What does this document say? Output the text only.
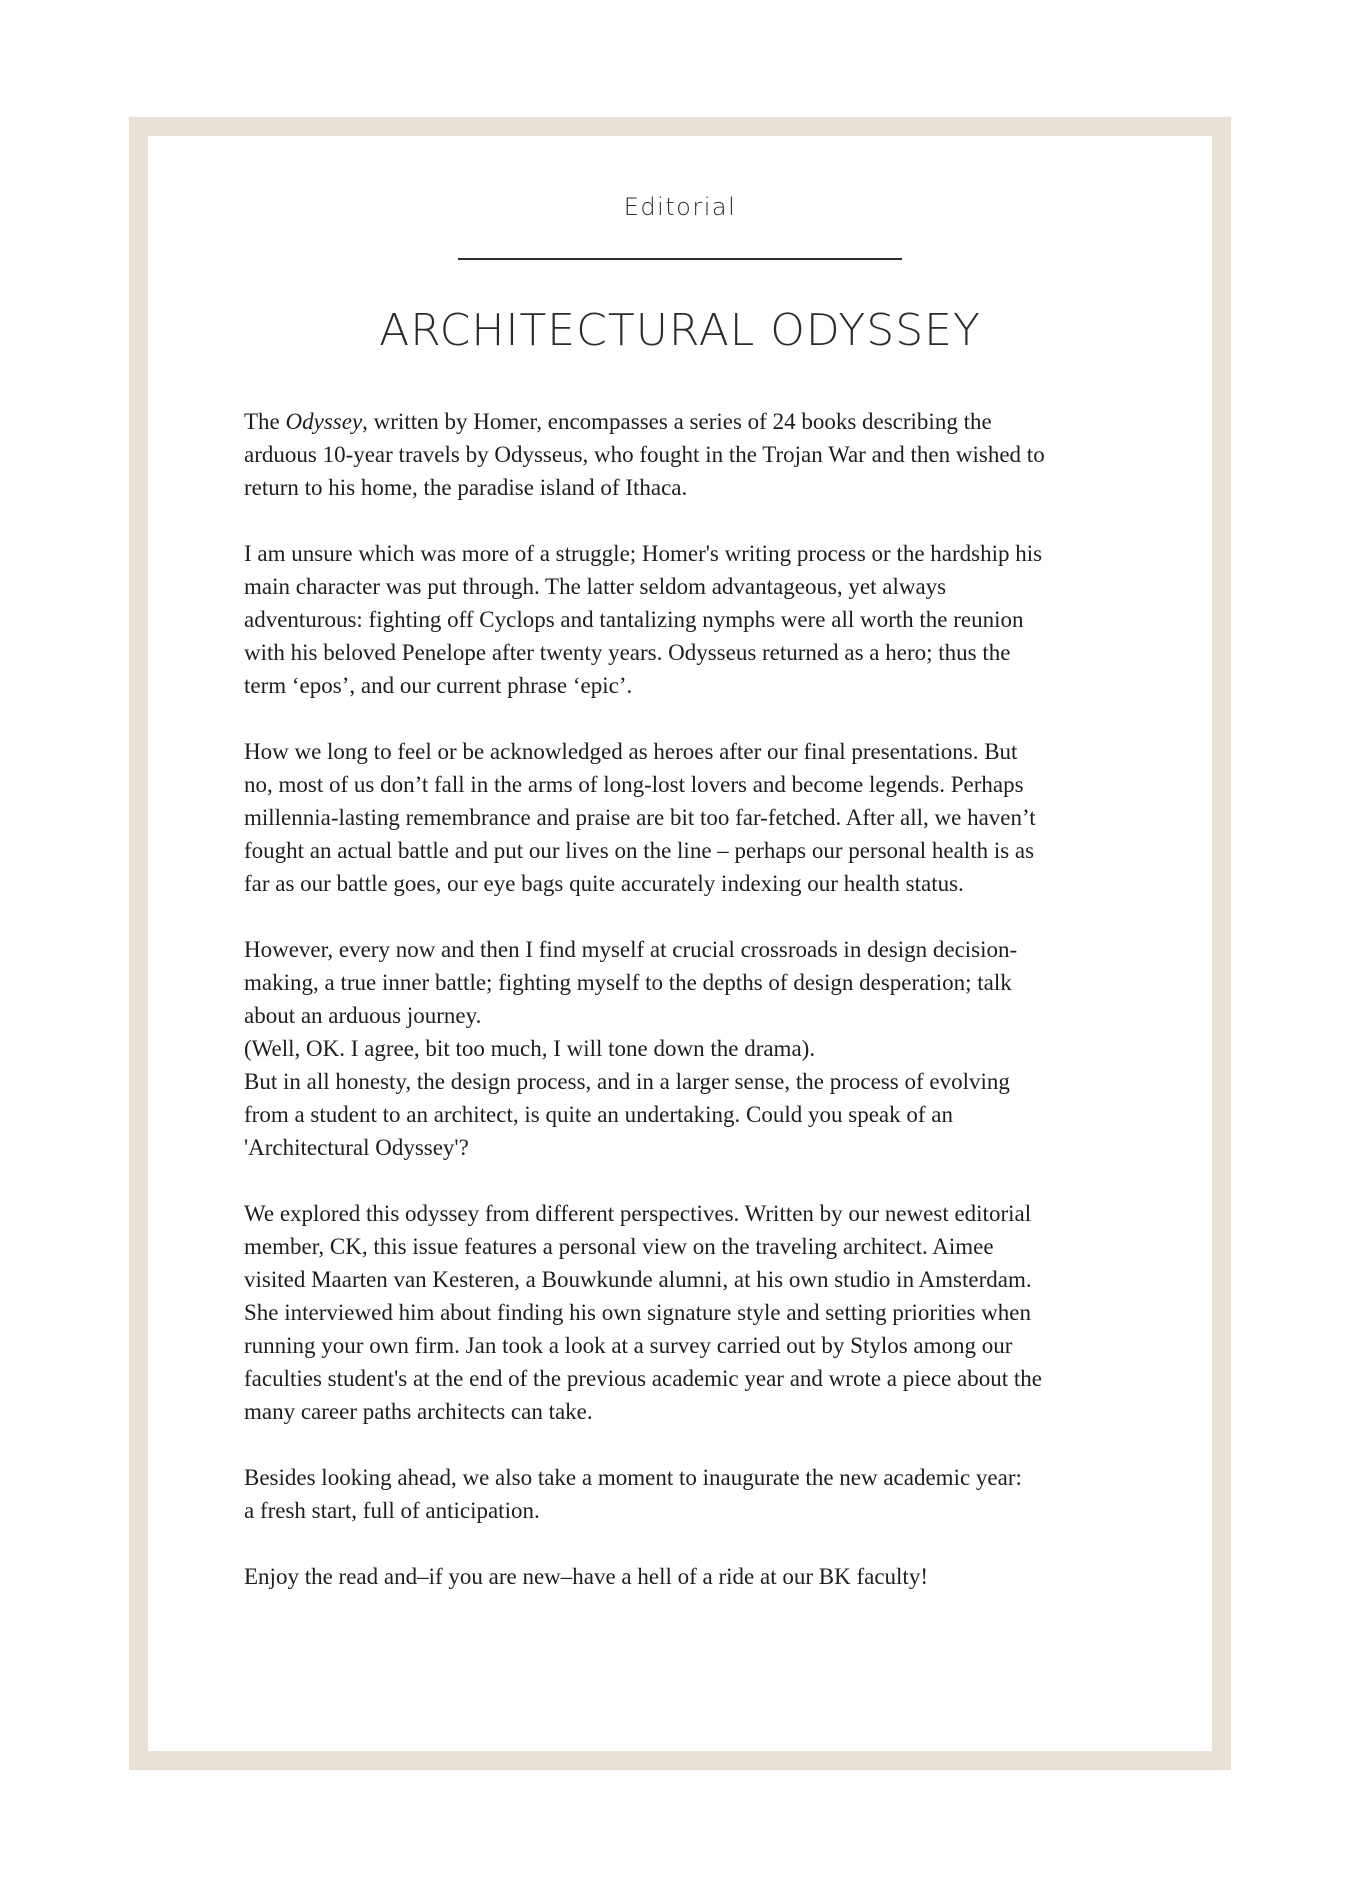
Editorial
ARCHITECTURAL ODYSSEY
The Odyssey, written by Homer, encompasses a series of 24 books describing the
arduous 10-year travels by Odysseus, who fought in the Trojan War and then wished to
return to his home, the paradise island of Ithaca.
I am unsure which was more of a struggle; Homer's writing process or the hardship his
main character was put through. The latter seldom advantageous, yet always
adventurous: fighting off Cyclops and tantalizing nymphs were all worth the reunion
with his beloved Penelope after twenty years. Odysseus returned as a hero; thus the
term ‘epos’, and our current phrase ‘epic’.
How we long to feel or be acknowledged as heroes after our final presentations. But
no, most of us don’t fall in the arms of long-lost lovers and become legends. Perhaps
millennia-lasting remembrance and praise are bit too far-fetched. After all, we haven’t
fought an actual battle and put our lives on the line – perhaps our personal health is as
far as our battle goes, our eye bags quite accurately indexing our health status.
However, every now and then I find myself at crucial crossroads in design decision-
making, a true inner battle; fighting myself to the depths of design desperation; talk
about an arduous journey.
(Well, OK. I agree, bit too much, I will tone down the drama).
But in all honesty, the design process, and in a larger sense, the process of evolving
from a student to an architect, is quite an undertaking. Could you speak of an
'Architectural Odyssey'?
We explored this odyssey from different perspectives. Written by our newest editorial
member, CK, this issue features a personal view on the traveling architect. Aimee
visited Maarten van Kesteren, a Bouwkunde alumni, at his own studio in Amsterdam.
She interviewed him about finding his own signature style and setting priorities when
running your own firm. Jan took a look at a survey carried out by Stylos among our
faculties student's at the end of the previous academic year and wrote a piece about the
many career paths architects can take.
Besides looking ahead, we also take a moment to inaugurate the new academic year:
a fresh start, full of anticipation.
Enjoy the read and–if you are new–have a hell of a ride at our BK faculty!
